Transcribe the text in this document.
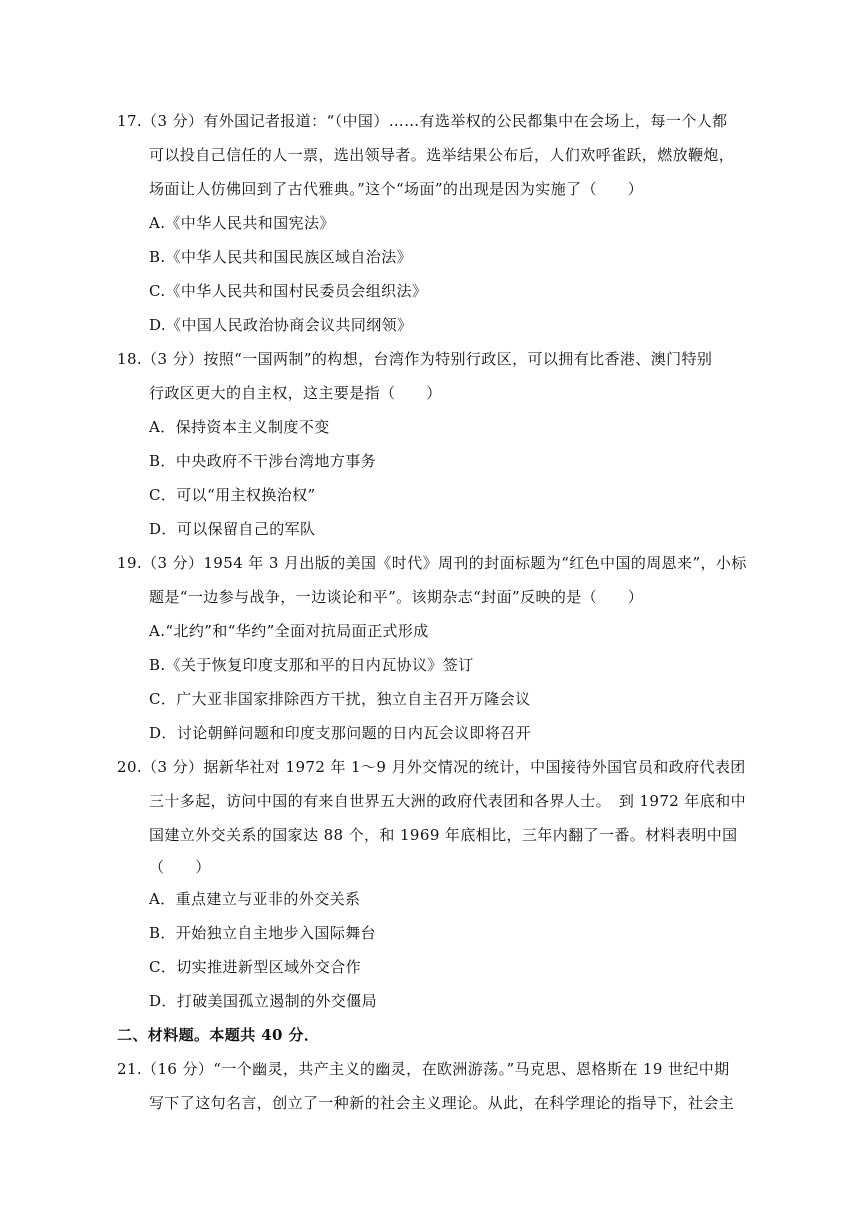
17.（3 分）有外国记者报道：“（中国）……有选举权的公民都集中在会场上，每一个人都
可以投自己信任的人一票，选出领导者。选举结果公布后，人们欢呼雀跃，燃放鞭炮，
场面让人仿佛回到了古代雅典。”这个“场面”的出现是因为实施了（　　）
A.《中华人民共和国宪法》
B.《中华人民共和国民族区域自治法》
C.《中华人民共和国村民委员会组织法》
D.《中国人民政治协商会议共同纲领》
18.（3 分）按照“一国两制”的构想，台湾作为特别行政区，可以拥有比香港、澳门特别
行政区更大的自主权，这主要是指（　　）
A．保持资本主义制度不变
B．中央政府不干涉台湾地方事务
C．可以“用主权换治权”
D．可以保留自己的军队
19.（3 分）1954 年 3 月出版的美国《时代》周刊的封面标题为“红色中国的周恩来”，小标
题是“一边参与战争，一边谈论和平”。该期杂志“封面”反映的是（　　）
A.“北约”和“华约”全面对抗局面正式形成
B.《关于恢复印度支那和平的日内瓦协议》签订
C．广大亚非国家排除西方干扰，独立自主召开万隆会议
D．讨论朝鲜问题和印度支那问题的日内瓦会议即将召开
20.（3 分）据新华社对 1972 年 1～9 月外交情况的统计，中国接待外国官员和政府代表团
三十多起，访问中国的有来自世界五大洲的政府代表团和各界人士。　到 1972 年底和中
国建立外交关系的国家达 88 个，和 1969 年底相比，三年内翻了一番。材料表明中国
（　　）
A．重点建立与亚非的外交关系
B．开始独立自主地步入国际舞台
C．切实推进新型区域外交合作
D．打破美国孤立遏制的外交僵局
二、材料题。本题共 40 分．
21.（16 分）“一个幽灵，共产主义的幽灵，在欧洲游荡。”马克思、恩格斯在 19 世纪中期
写下了这句名言，创立了一种新的社会主义理论。从此，在科学理论的指导下，社会主
